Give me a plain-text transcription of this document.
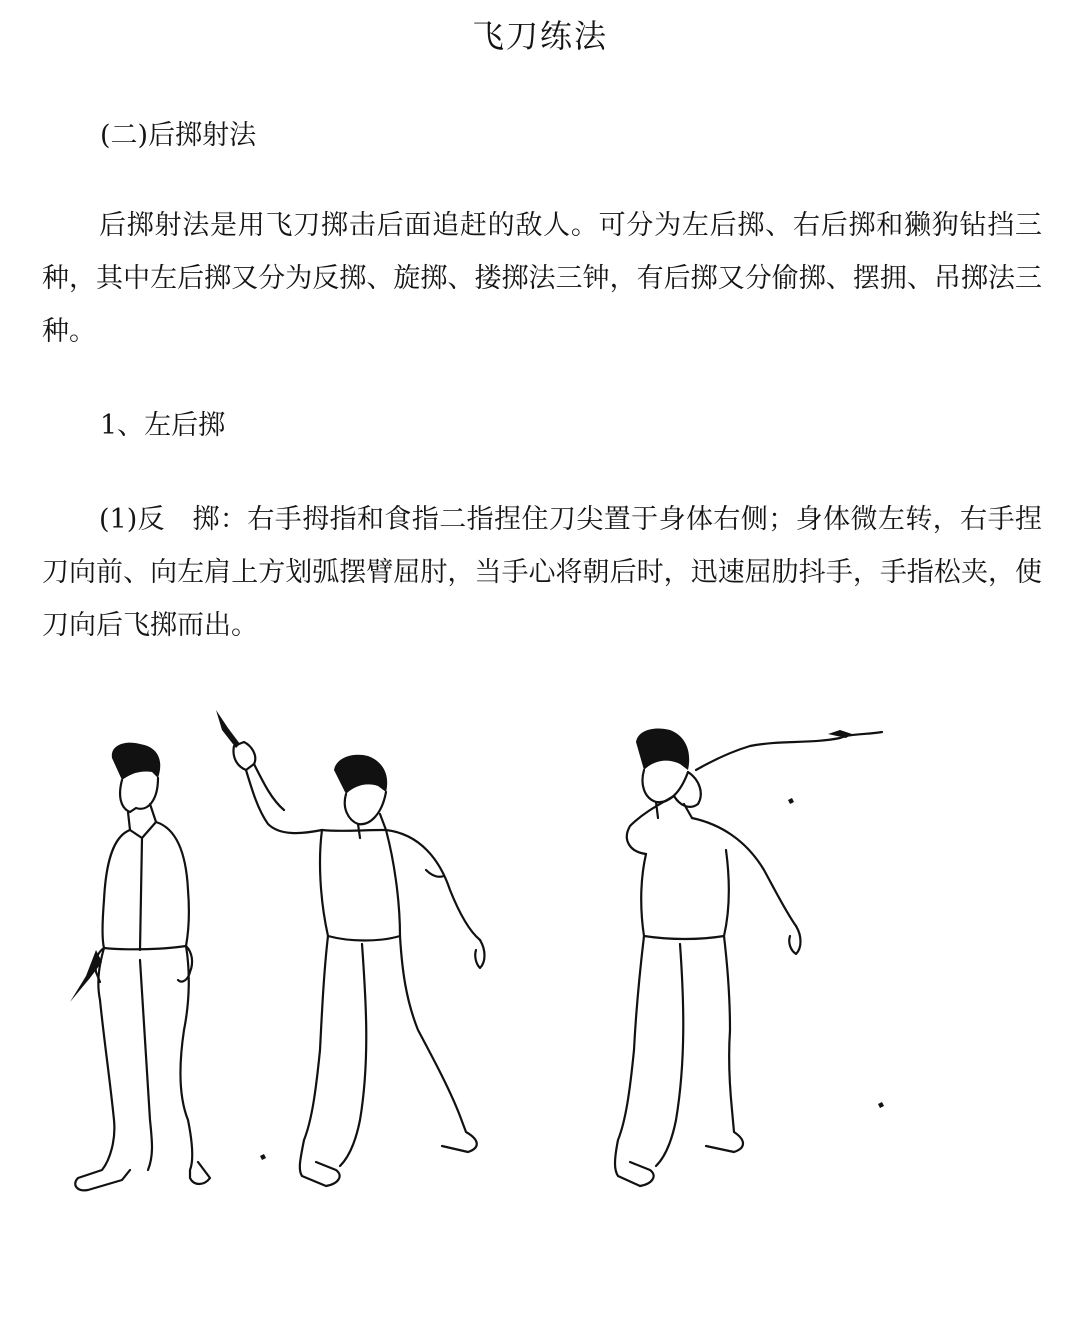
飞刀练法
(二)后掷射法

后掷射法是用飞刀掷击后面追赶的敌人。可分为左后掷、右后掷和獭狗钻挡三种，其中左后掷又分为反掷、旋掷、搂掷法三钟，有后掷又分偷掷、摆拥、吊掷法三种。

1、左后掷

(1)反　掷：右手拇指和食指二指捏住刀尖置于身体右侧；身体微左转，右手捏刀向前、向左肩上方划弧摆臂屈肘，当手心将朝后时，迅速屈肋抖手，手指松夹，使刀向后飞掷而出。
